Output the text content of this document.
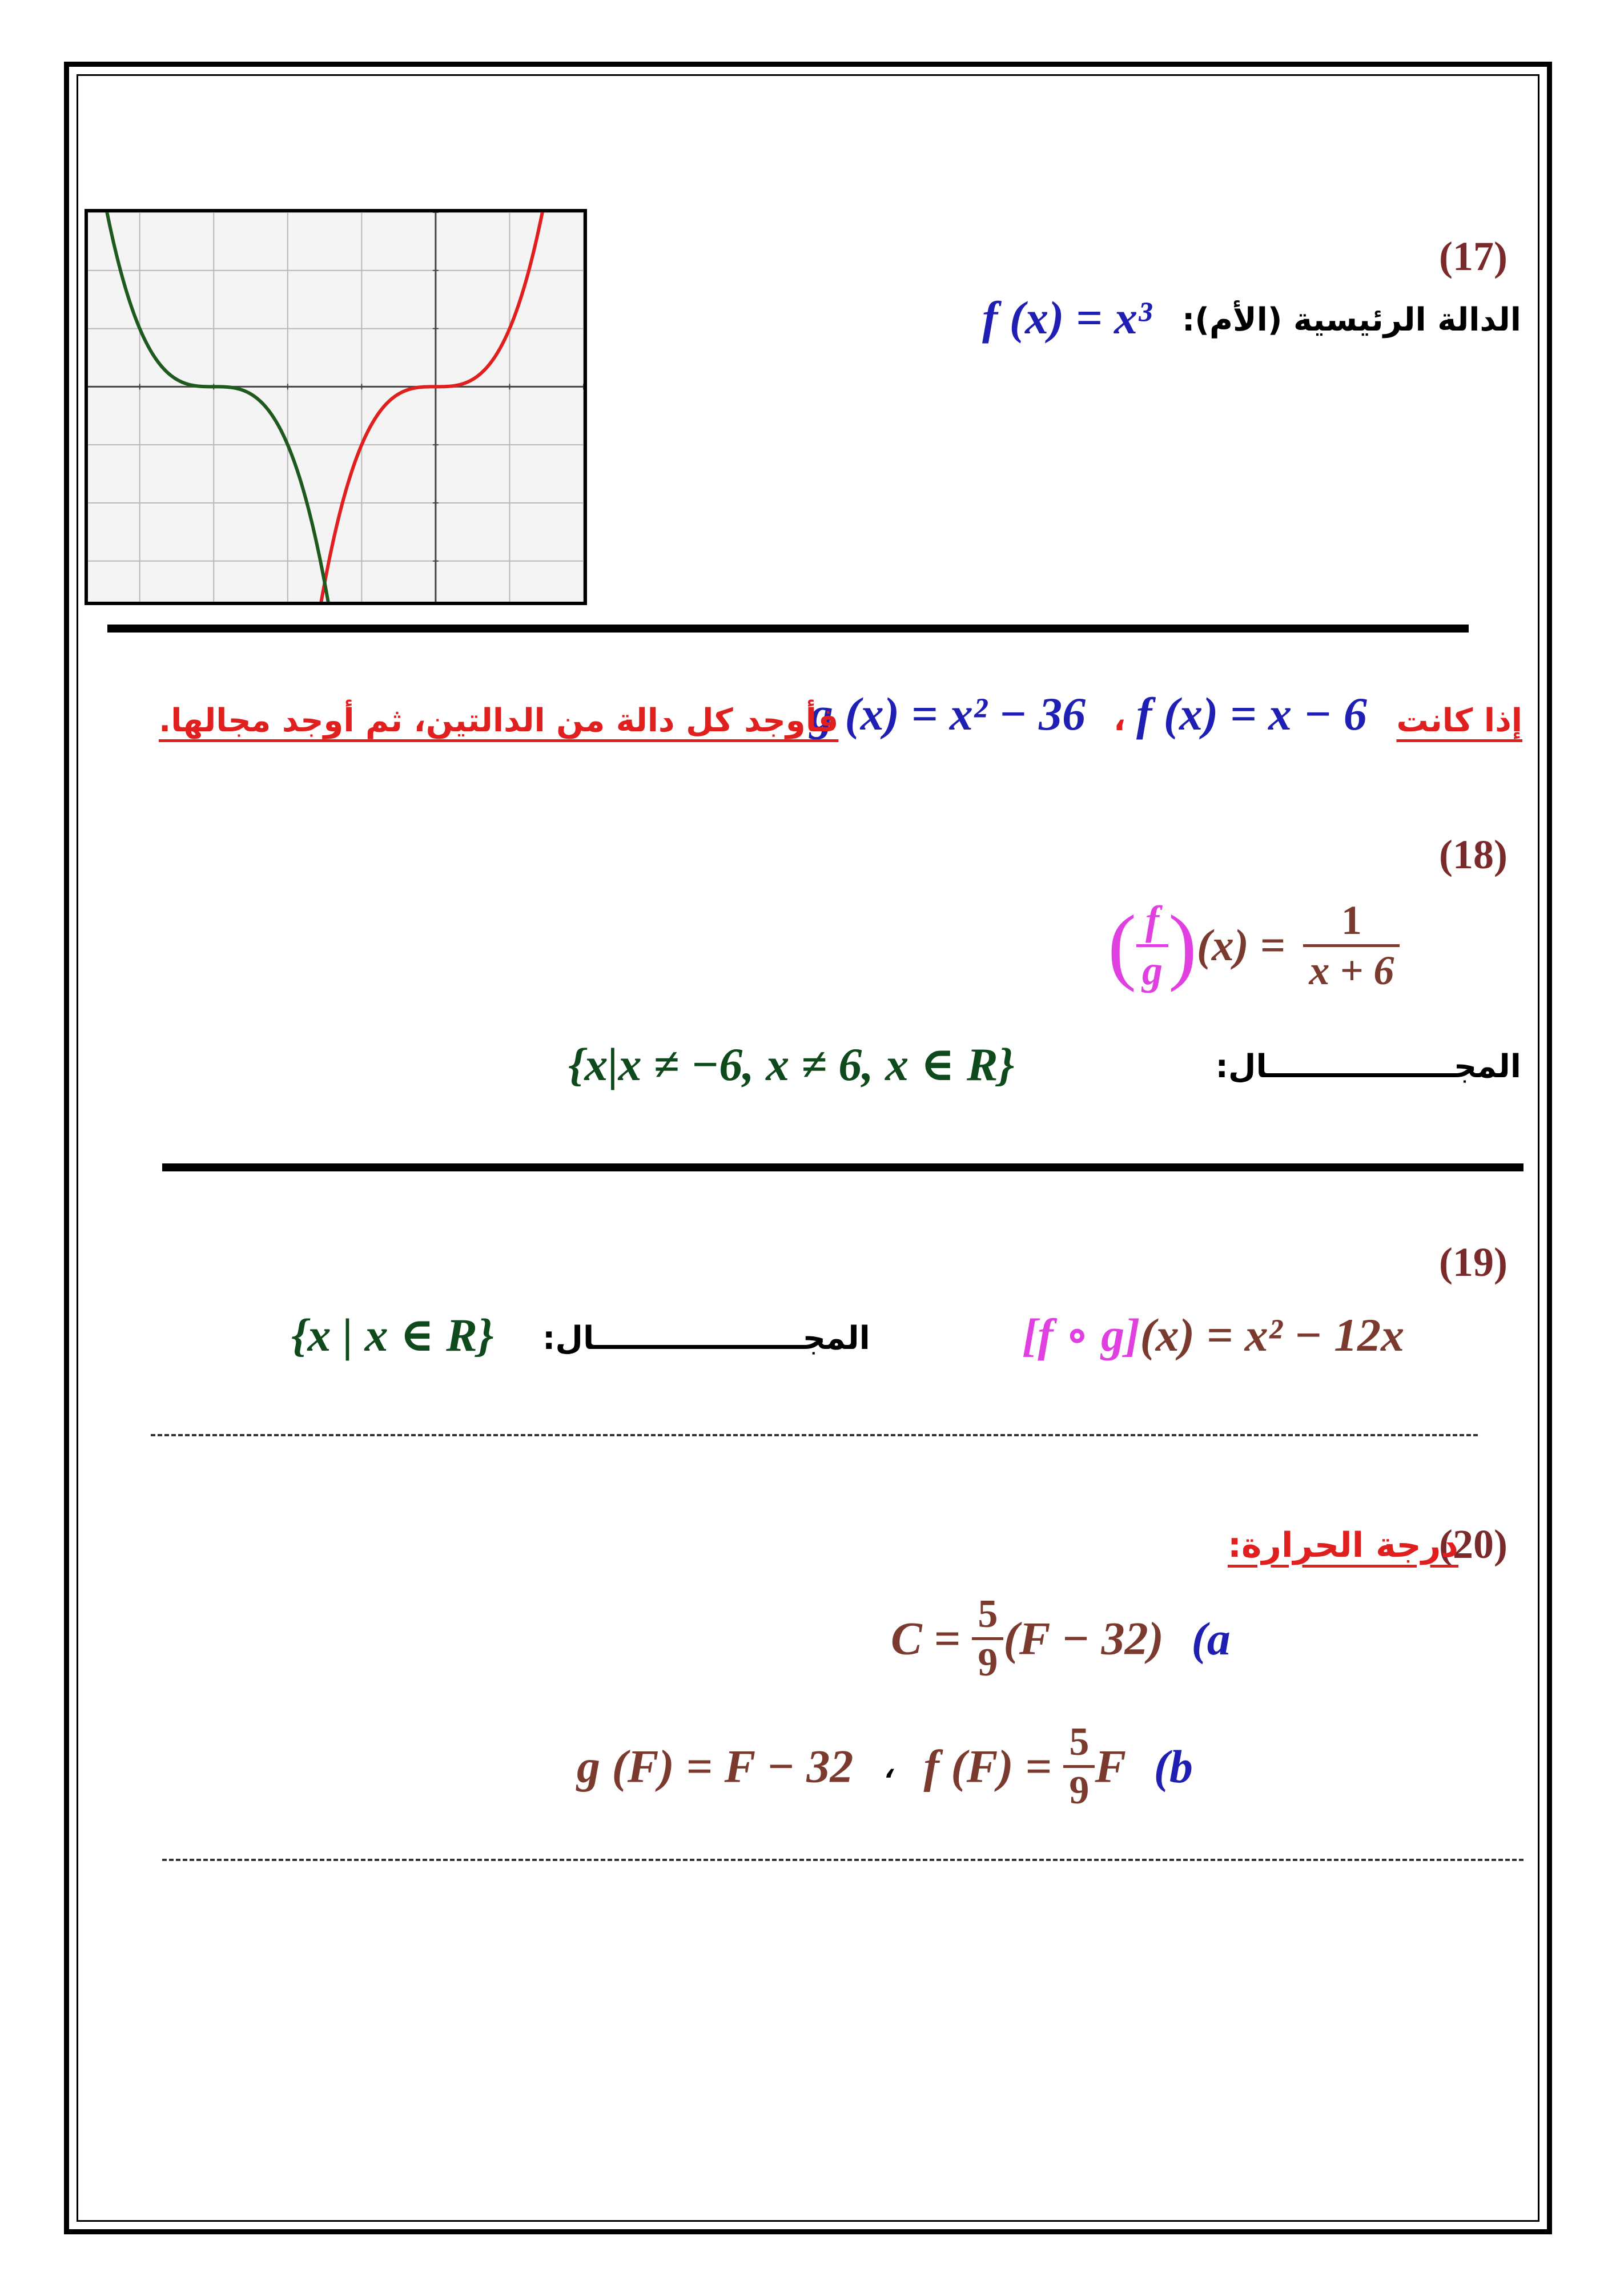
(17)
الدالة الرئيسية (الأم):
f (x) = x³
إذا كانت
f (x) = x − 6
،
g (x) = x² − 36
فأوجد كل دالة من الدالتين، ثم أوجد مجالها.
(18)
( $\frac{f}{g} )(x) = \frac{1}{x + 6}$
المجـــــــــــــــــال:
{x|x ≠ −6, x ≠ 6, x ∈ R}
(19)
[f ∘ g](x) = x² − 12x
المجـــــــــــــــــــال:
{x | x ∈ R}
(20)
درجة الحرارة:
$C = \frac{5}{9} (F - 32)$ (a
g (F) = F − 32 ، f $(F) = \frac{5}{9}$ F (b
